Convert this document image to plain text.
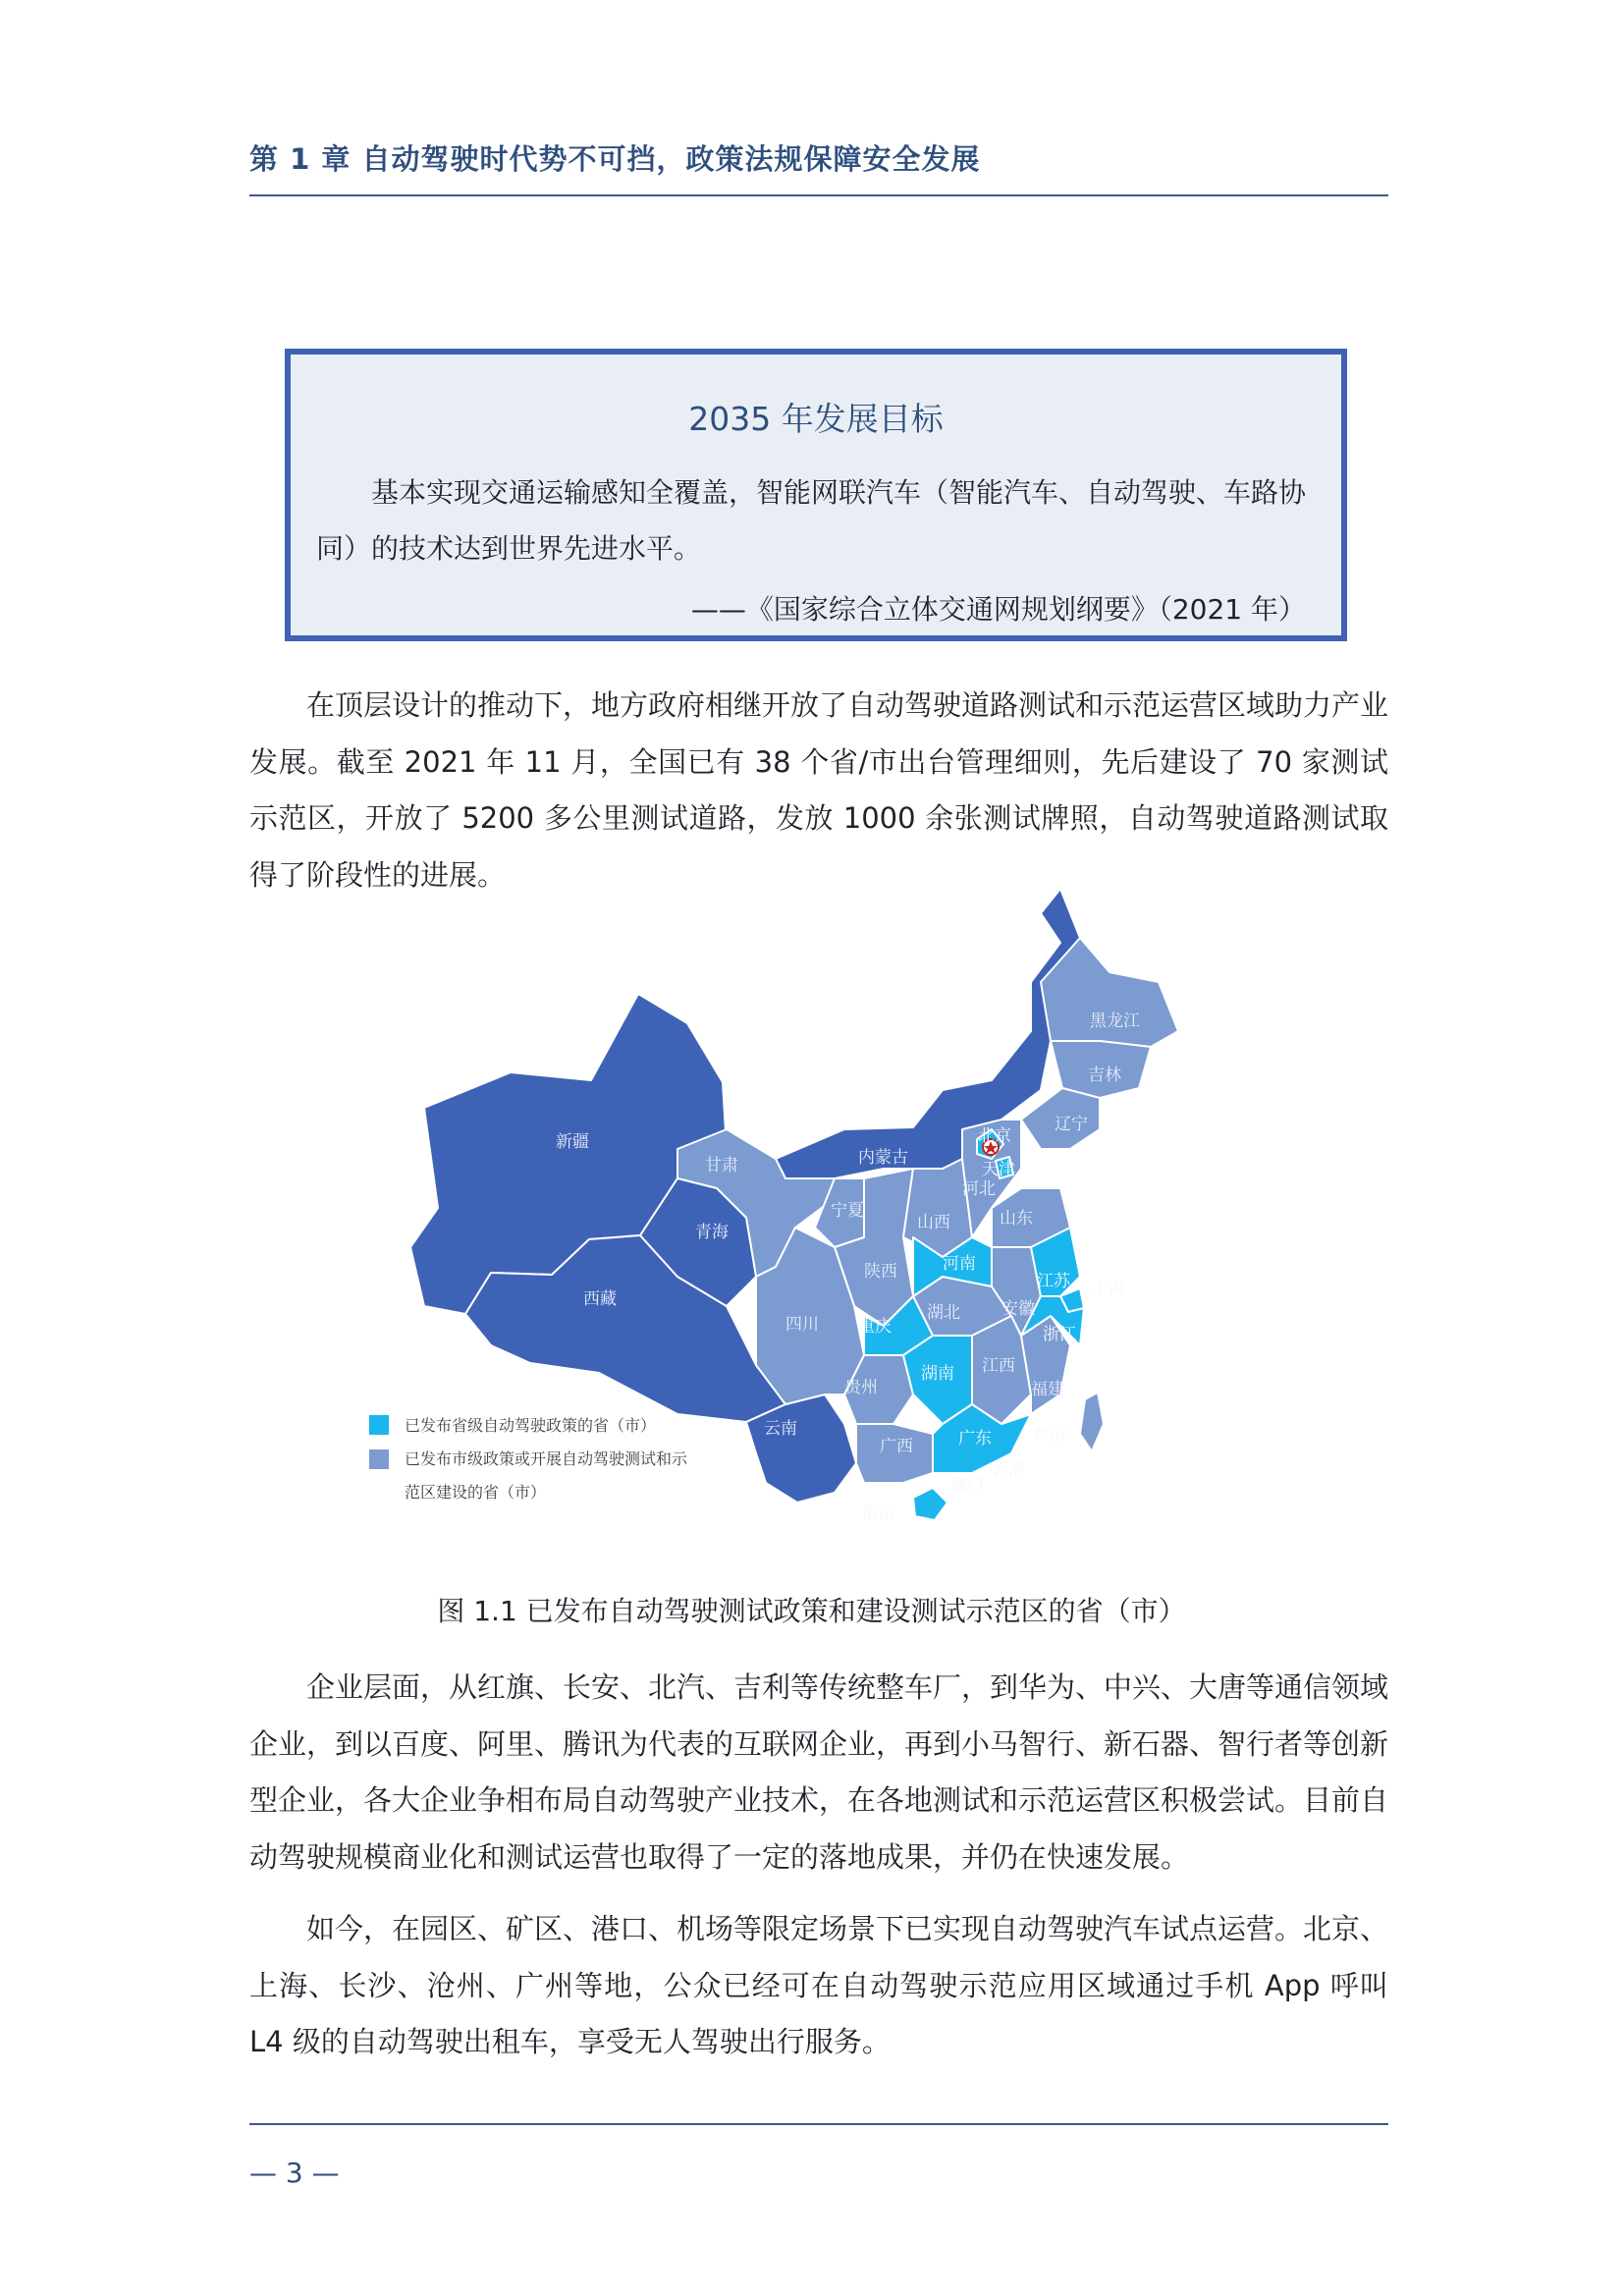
第 1 章 自动驾驶时代势不可挡，政策法规保障安全发展
2035 年发展目标
基本实现交通运输感知全覆盖，智能网联汽车（智能汽车、自动驾驶、车路协同）的技术达到世界先进水平。
——《国家综合立体交通网规划纲要》（2021 年）
在顶层设计的推动下，地方政府相继开放了自动驾驶道路测试和示范运营区域助力产业发展。截至 2021 年 11 月，全国已有 38 个省/市出台管理细则，先后建设了 70 家测试示范区，开放了 5200 多公里测试道路，发放 1000 余张测试牌照，自动驾驶道路测试取得了阶段性的进展。
黑龙江
吉林
辽宁
新疆
甘肃	内蒙古
北京
天津
河北
宁夏
青海	山西	山东
河南
陕西	江苏 上海
西藏
四川
湖北 安徽
重庆	浙江
湖南 江西
贵州
云南
广西	广东
福建
台湾
香港
澳门
海南
已发布省级自动驾驶政策的省（市）
已发布市级政策或开展自动驾驶测试和示
范区建设的省（市）
图 1.1 已发布自动驾驶测试政策和建设测试示范区的省（市）
企业层面，从红旗、长安、北汽、吉利等传统整车厂，到华为、中兴、大唐等通信领域企业，到以百度、阿里、腾讯为代表的互联网企业，再到小马智行、新石器、智行者等创新型企业，各大企业争相布局自动驾驶产业技术，在各地测试和示范运营区积极尝试。目前自动驾驶规模商业化和测试运营也取得了一定的落地成果，并仍在快速发展。
如今，在园区、矿区、港口、机场等限定场景下已实现自动驾驶汽车试点运营。北京、上海、长沙、沧州、广州等地，公众已经可在自动驾驶示范应用区域通过手机 App 呼叫 L4 级的自动驾驶出租车，享受无人驾驶出行服务。
— 3 —
